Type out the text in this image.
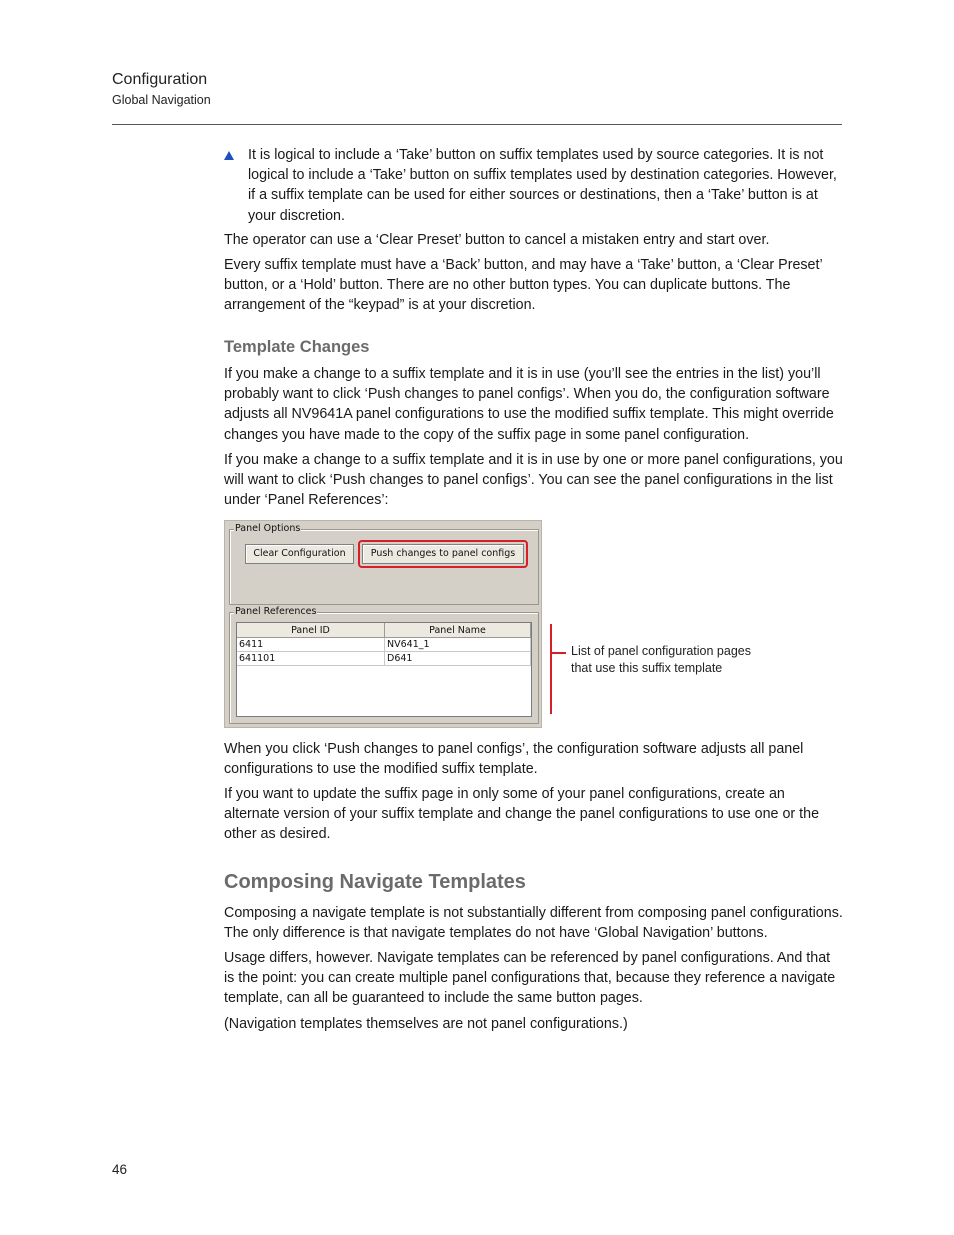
Configuration
Global Navigation
It is logical to include a ‘Take’ button on suffix templates used by source categories. It is not logical to include a ‘Take’ button on suffix templates used by destination categories. However, if a suffix template can be used for either sources or destinations, then a ‘Take’ button is at your discretion.

The operator can use a ‘Clear Preset’ button to cancel a mistaken entry and start over.

Every suffix template must have a ‘Back’ button, and may have a ‘Take’ button, a ‘Clear Preset’ button, or a ‘Hold’ button. There are no other button types. You can duplicate buttons. The arrangement of the “keypad” is at your discretion.

Template Changes

If you make a change to a suffix template and it is in use (you’ll see the entries in the list) you’ll probably want to click ‘Push changes to panel configs’. When you do, the configuration software adjusts all NV9641A panel configurations to use the modified suffix template. This might override changes you have made to the copy of the suffix page in some panel configuration.

If you make a change to a suffix template and it is in use by one or more panel configurations, you will want to click ‘Push changes to panel configs’. You can see the panel configurations in the list under ‘Panel References’:

Panel Options
Clear Configuration	Push changes to panel configs
Panel References
Panel ID	Panel Name
6411	NV641_1
641101	D641
List of panel configuration pages that use this suffix template

When you click ‘Push changes to panel configs’, the configuration software adjusts all panel configurations to use the modified suffix template.

If you want to update the suffix page in only some of your panel configurations, create an alternate version of your suffix template and change the panel configurations to use one or the other as desired.

Composing Navigate Templates

Composing a navigate template is not substantially different from composing panel configurations. The only difference is that navigate templates do not have ‘Global Navigation’ buttons.

Usage differs, however. Navigate templates can be referenced by panel configurations. And that is the point: you can create multiple panel configurations that, because they reference a navigate template, can all be guaranteed to include the same button pages.

(Navigation templates themselves are not panel configurations.)

46
